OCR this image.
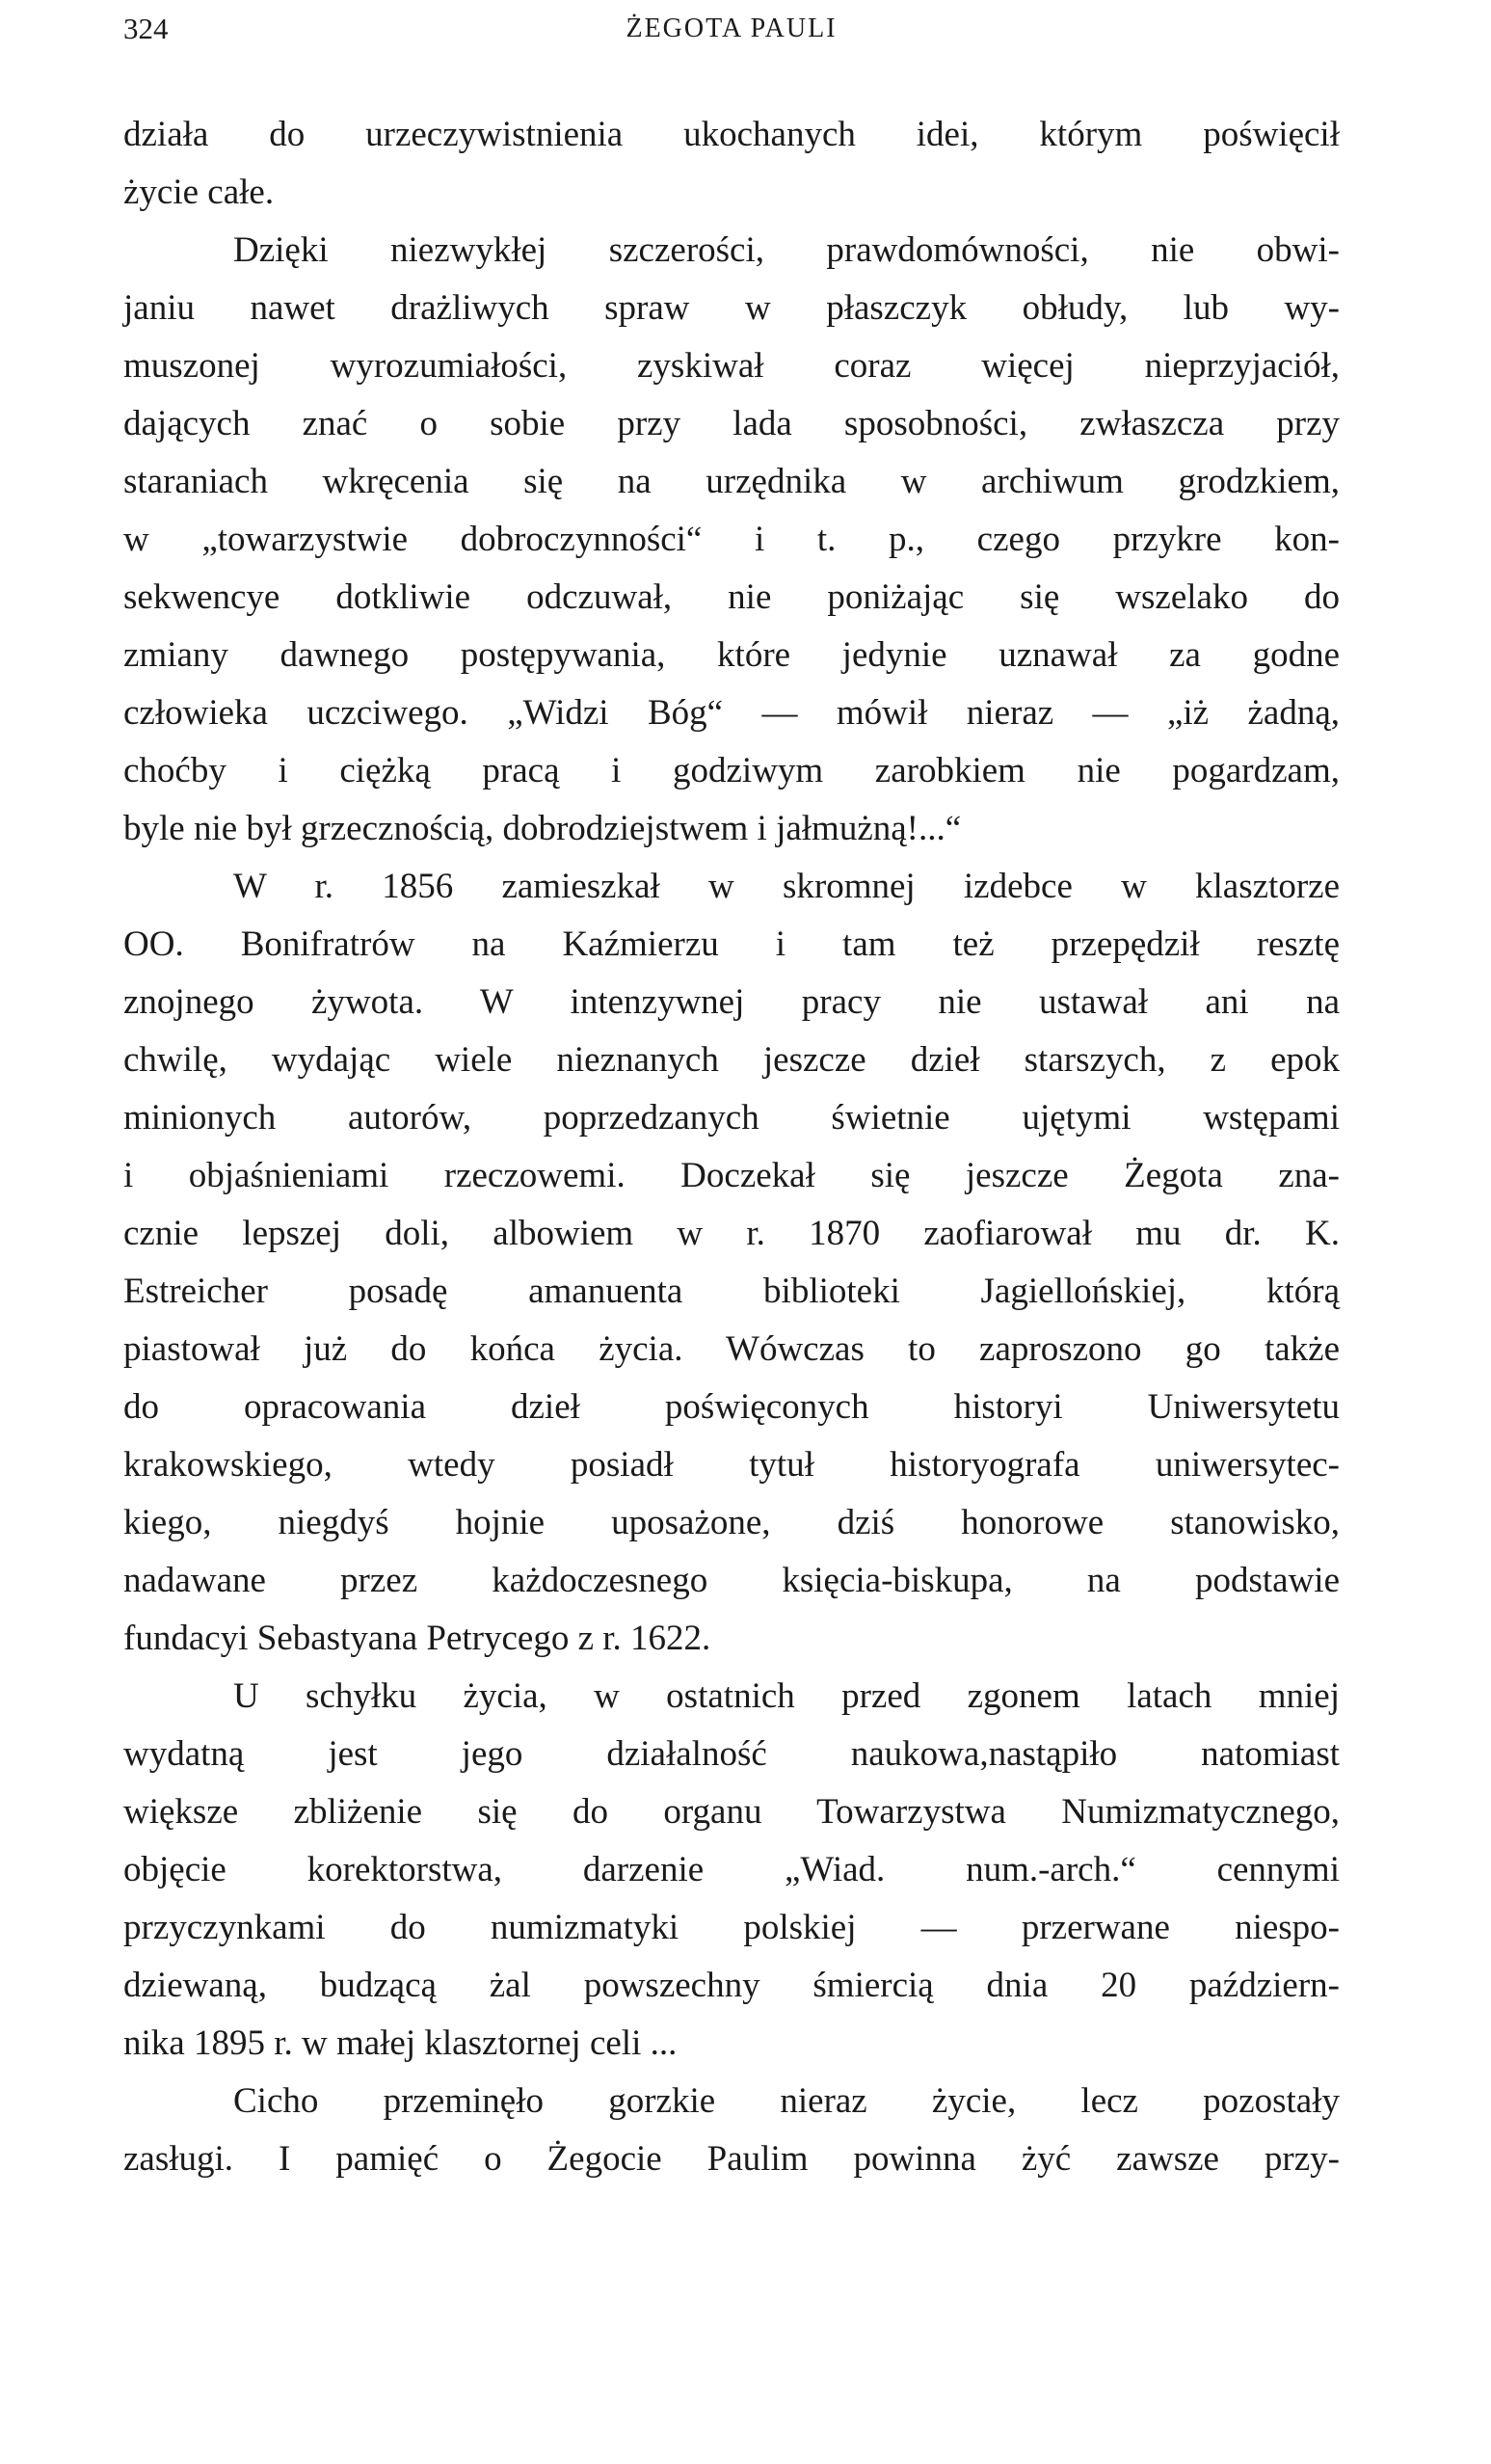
324	ŻEGOTA PAULI
działa do urzeczywistnienia ukochanych idei, którym poświęcił
życie całe.
Dzięki niezwykłej szczerości, prawdomówności, nie obwi-
janiu nawet drażliwych spraw w płaszczyk obłudy, lub wy-
muszonej wyrozumiałości, zyskiwał coraz więcej nieprzyjaciół,
dających znać o sobie przy lada sposobności, zwłaszcza przy
staraniach wkręcenia się na urzędnika w archiwum grodzkiem,
w „towarzystwie dobroczynności“ i t. p., czego przykre kon-
sekwencye dotkliwie odczuwał, nie poniżając się wszelako do
zmiany dawnego postępywania, które jedynie uznawał za godne
człowieka uczciwego. „Widzi Bóg“ — mówił nieraz — „iż żadną,
choćby i ciężką pracą i godziwym zarobkiem nie pogardzam,
byle nie był grzecznością, dobrodziejstwem i jałmużną!...“
W r. 1856 zamieszkał w skromnej izdebce w klasztorze
OO. Bonifratrów na Kaźmierzu i tam też przepędził resztę
znojnego żywota. W intenzywnej pracy nie ustawał ani na
chwilę, wydając wiele nieznanych jeszcze dzieł starszych, z epok
minionych autorów, poprzedzanych świetnie ujętymi wstępami
i objaśnieniami rzeczowemi. Doczekał się jeszcze Żegota zna-
cznie lepszej doli, albowiem w r. 1870 zaofiarował mu dr. K.
Estreicher posadę amanuenta biblioteki Jagiellońskiej, którą
piastował już do końca życia. Wówczas to zaproszono go także
do opracowania dzieł poświęconych historyi Uniwersytetu
krakowskiego, wtedy posiadł tytuł historyografa uniwersytec-
kiego, niegdyś hojnie uposażone, dziś honorowe stanowisko,
nadawane przez każdoczesnego księcia-biskupa, na podstawie
fundacyi Sebastyana Petrycego z r. 1622.
U schyłku życia, w ostatnich przed zgonem latach mniej
wydatną jest jego działalność naukowa,nastąpiło natomiast
większe zbliżenie się do organu Towarzystwa Numizmatycznego,
objęcie korektorstwa, darzenie „Wiad. num.-arch.“ cennymi
przyczynkami do numizmatyki polskiej — przerwane niespo-
dziewaną, budzącą żal powszechny śmiercią dnia 20 październ-
nika 1895 r. w małej klasztornej celi ...
Cicho przeminęło gorzkie nieraz życie, lecz pozostały
zasługi. I pamięć o Żegocie Paulim powinna żyć zawsze przy-
